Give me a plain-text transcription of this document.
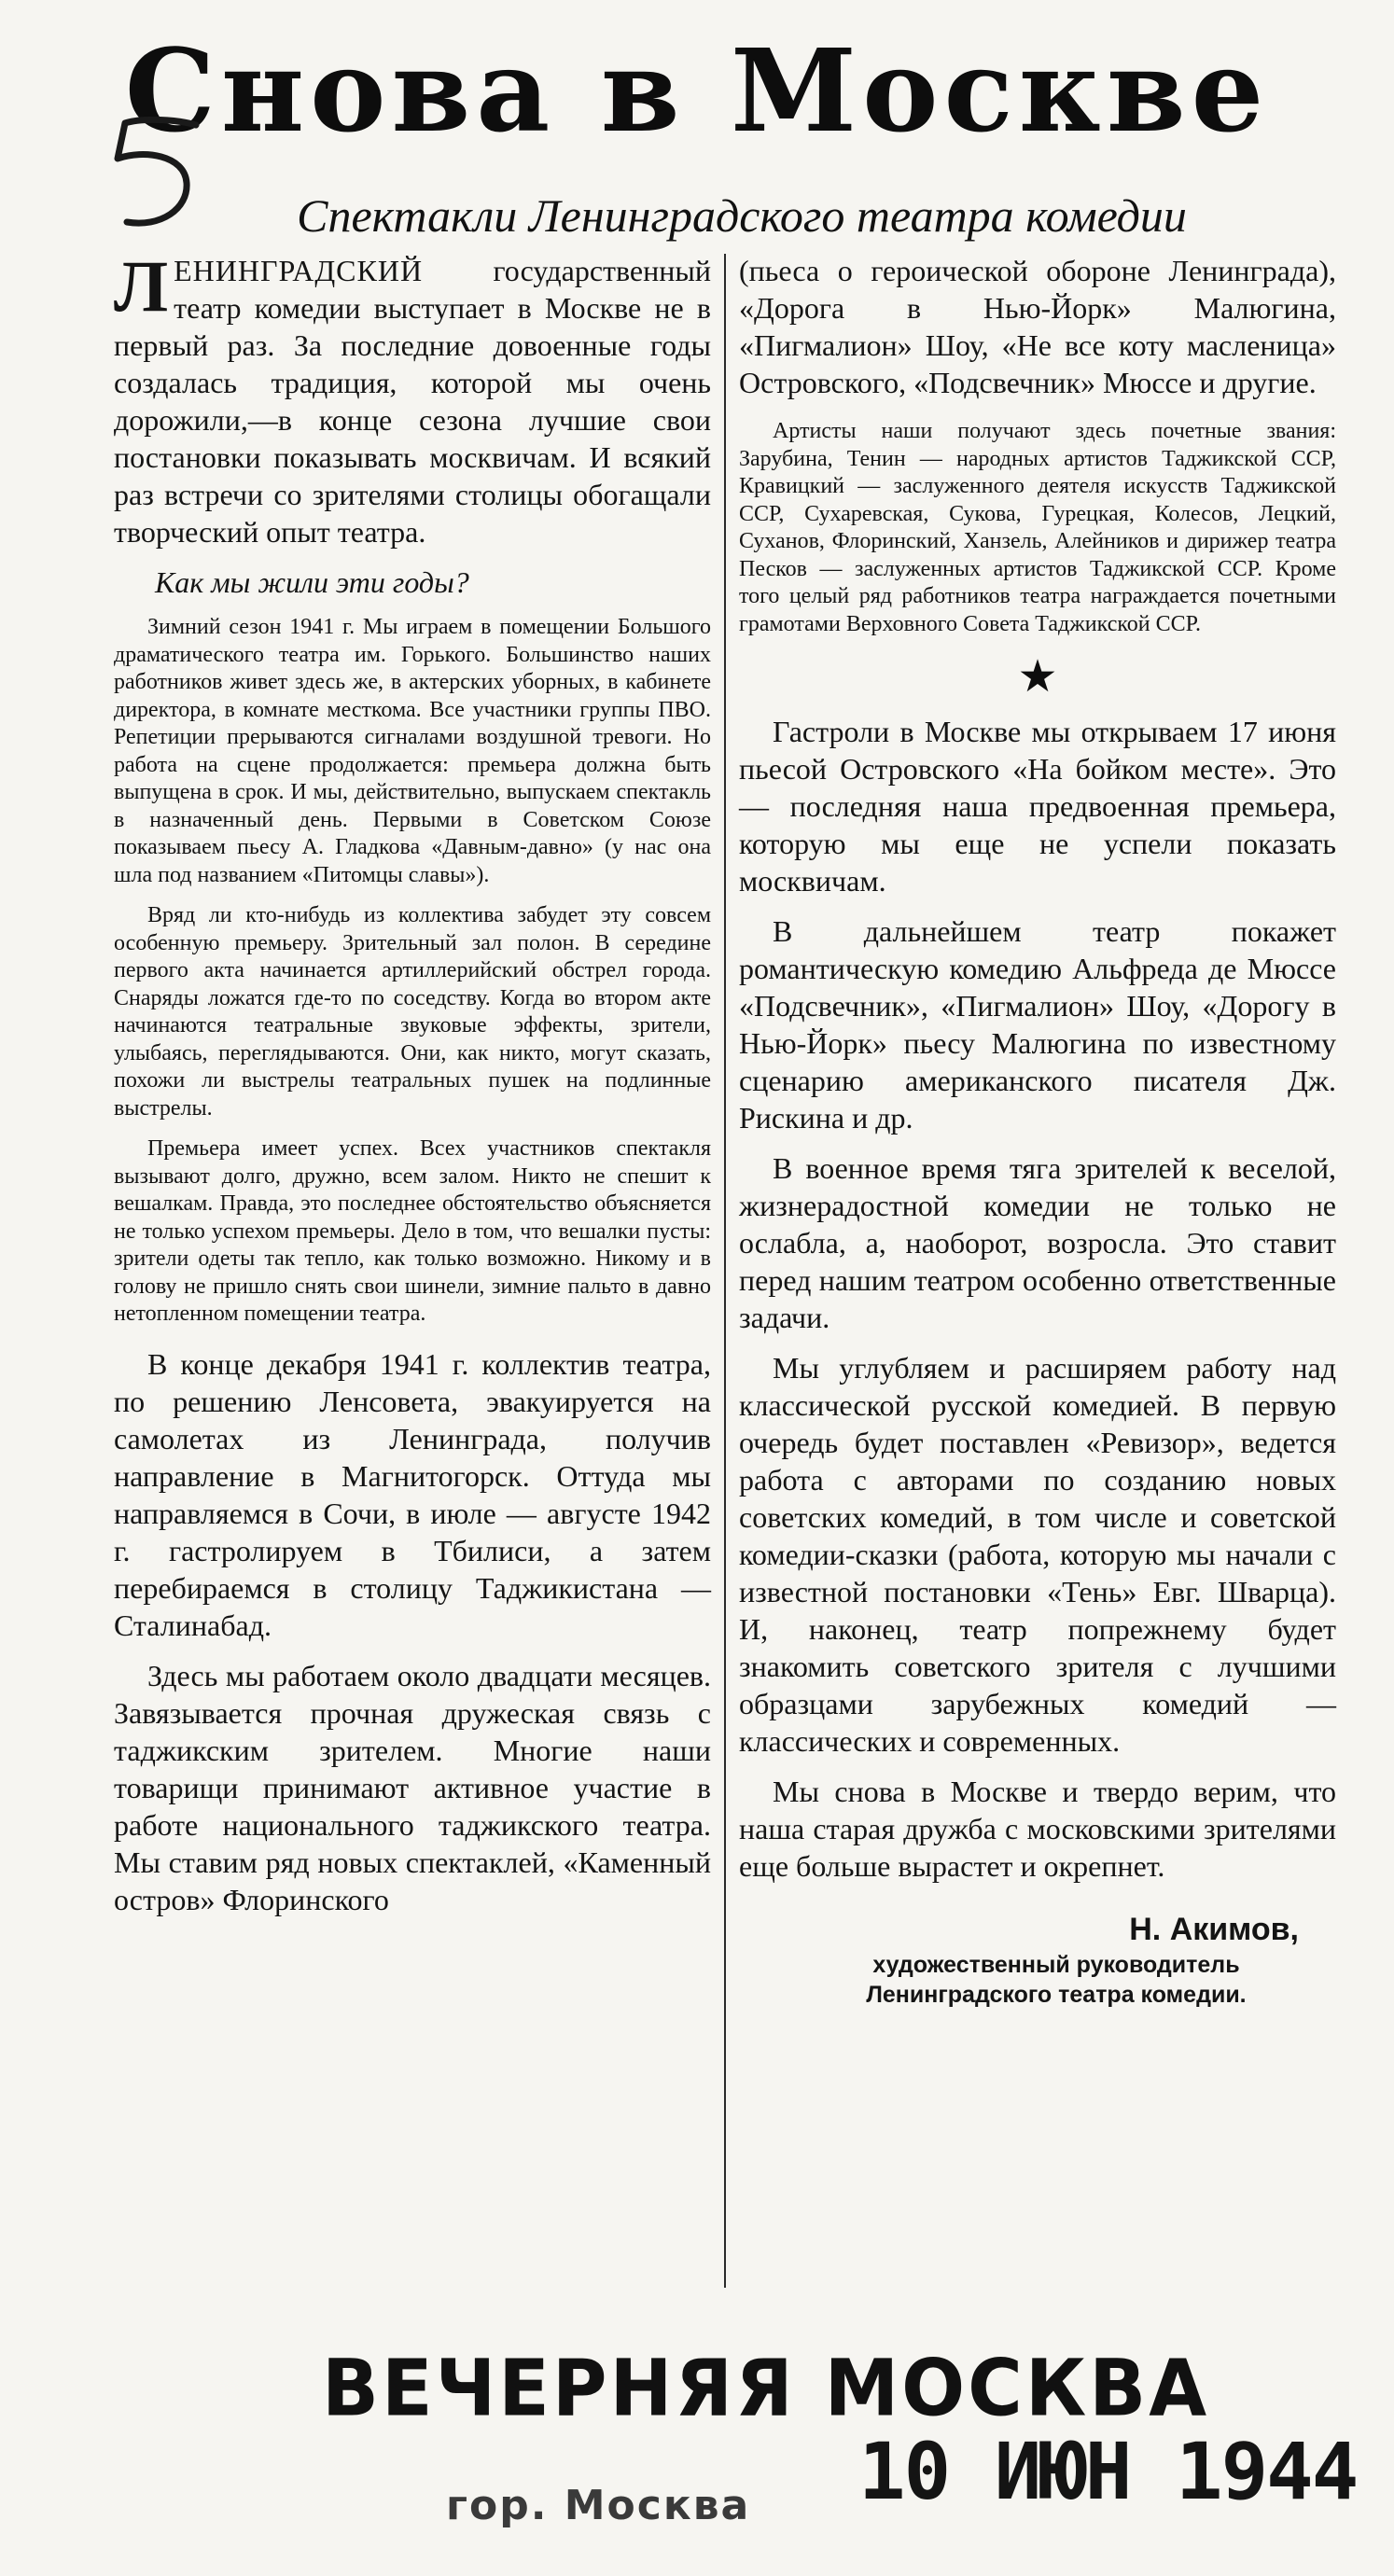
Снова в Москве
Спектакли Ленинградского театра комедии

ЛЕНИНГРАДСКИЙ государственный театр комедии выступает в Москве не в первый раз. За последние довоенные годы создалась традиция, которой мы очень дорожили,—в конце сезона лучшие свои постановки показывать москвичам. И всякий раз встречи со зрителями столицы обогащали творческий опыт театра.

Как мы жили эти годы?

Зимний сезон 1941 г. Мы играем в помещении Большого драматического театра им. Горького. Большинство наших работников живет здесь же, в актерских уборных, в кабинете директора, в комнате месткома. Все участники группы ПВО. Репетиции прерываются сигналами воздушной тревоги. Но работа на сцене продолжается: премьера должна быть выпущена в срок. И мы, действительно, выпускаем спектакль в назначенный день. Первыми в Советском Союзе показываем пьесу А. Гладкова «Давным-давно» (у нас она шла под названием «Питомцы славы»).

Вряд ли кто-нибудь из коллектива забудет эту совсем особенную премьеру. Зрительный зал полон. В середине первого акта начинается артиллерийский обстрел города. Снаряды ложатся где-то по соседству. Когда во втором акте начинаются театральные звуковые эффекты, зрители, улыбаясь, переглядываются. Они, как никто, могут сказать, похожи ли выстрелы театральных пушек на подлинные выстрелы.

Премьера имеет успех. Всех участников спектакля вызывают долго, дружно, всем залом. Никто не спешит к вешалкам. Правда, это последнее обстоятельство объясняется не только успехом премьеры. Дело в том, что вешалки пусты: зрители одеты так тепло, как только возможно. Никому и в голову не пришло снять свои шинели, зимние пальто в давно нетопленном помещении театра.

В конце декабря 1941 г. коллектив театра, по решению Ленсовета, эвакуируется на самолетах из Ленинграда, получив направление в Магнитогорск. Оттуда мы направляемся в Сочи, в июле — августе 1942 г. гастролируем в Тбилиси, а затем перебираемся в столицу Таджикистана — Сталинабад.

Здесь мы работаем около двадцати месяцев. Завязывается прочная дружеская связь с таджикским зрителем. Многие наши товарищи принимают активное участие в работе национального таджикского театра. Мы ставим ряд новых спектаклей, «Каменный остров» Флоринского

(пьеса о героической обороне Ленинграда), «Дорога в Нью-Йорк» Малюгина, «Пигмалион» Шоу, «Не все коту масленица» Островского, «Подсвечник» Мюссе и другие.

Артисты наши получают здесь почетные звания: Зарубина, Тенин — народных артистов Таджикской ССР, Кравицкий — заслуженного деятеля искусств Таджикской ССР, Сухаревская, Сукова, Гурецкая, Колесов, Лецкий, Суханов, Флоринский, Ханзель, Алейников и дирижер театра Песков — заслуженных артистов Таджикской ССР. Кроме того целый ряд работников театра награждается почетными грамотами Верховного Совета Таджикской ССР.

★

Гастроли в Москве мы открываем 17 июня пьесой Островского «На бойком месте». Это — последняя наша предвоенная премьера, которую мы еще не успели показать москвичам.

В дальнейшем театр покажет романтическую комедию Альфреда де Мюссе «Подсвечник», «Пигмалион» Шоу, «Дорогу в Нью-Йорк» пьесу Малюгина по известному сценарию американского писателя Дж. Рискина и др.

В военное время тяга зрителей к веселой, жизнерадостной комедии не только не ослабла, а, наоборот, возросла. Это ставит перед нашим театром особенно ответственные задачи.

Мы углубляем и расширяем работу над классической русской комедией. В первую очередь будет поставлен «Ревизор», ведется работа с авторами по созданию новых советских комедий, в том числе и советской комедии-сказки (работа, которую мы начали с известной постановки «Тень» Евг. Шварца). И, наконец, театр попрежнему будет знакомить советского зрителя с лучшими образцами зарубежных комедий — классических и современных.

Мы снова в Москве и твердо верим, что наша старая дружба с московскими зрителями еще больше вырастет и окрепнет.

Н. Акимов,
художественный руководитель
Ленинградского театра комедии.
ВЕЧЕРНЯЯ МОСКВА
гор. Москва 10 ИЮН 1944
